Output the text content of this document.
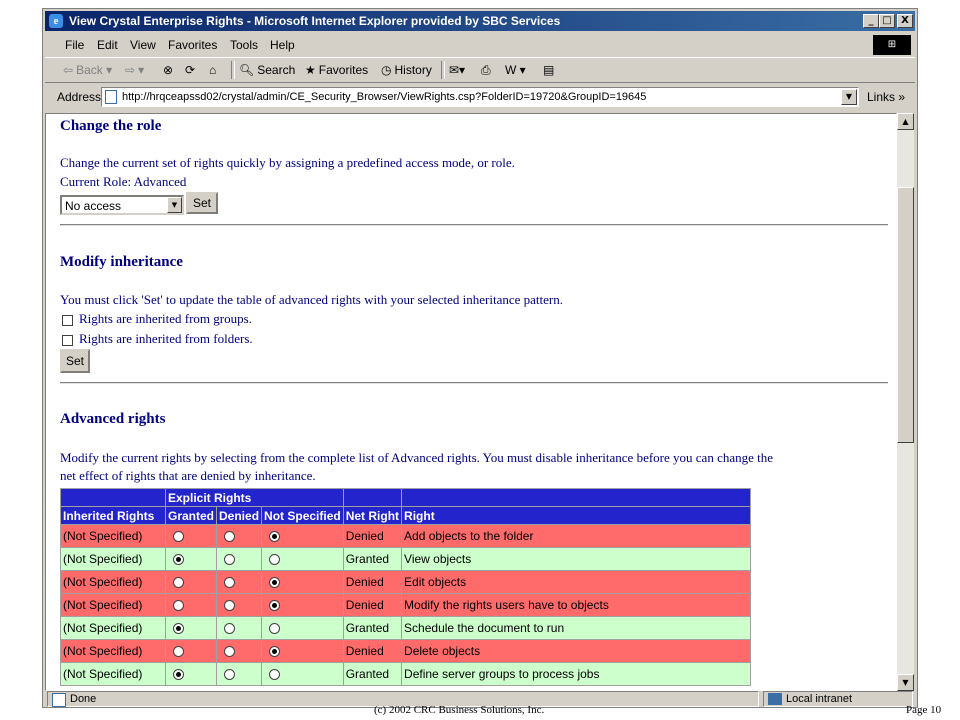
e View Crystal Enterprise Rights - Microsoft Internet Explorer provided by SBC Services	_ □ X
File Edit View Favorites Tools Help	⊞
⇦ Back ▾ ⇨ ▾ ⊗ ⟳ ⌂ 🔍︎ Search ★ Favorites ◷ History ✉▾ ⎙ W ▾ ▤
Address http://hrqceapssd02/crystal/admin/CE_Security_Browser/ViewRights.csp?FolderID=19720&GroupID=19645	▼	Links »
Change the role
Change the current set of rights quickly by assigning a predefined access mode, or role.
Current Role: Advanced
No access	▼	Set
Modify inheritance
You must click 'Set' to update the table of advanced rights with your selected inheritance pattern.
Rights are inherited from groups.
Rights are inherited from folders.
Set
Advanced rights
Modify the current rights by selecting from the complete list of Advanced rights. You must disable inheritance before you can change the
net effect of rights that are denied by inheritance.
	Explicit Rights				
Inherited Rights	Granted	Denied	Not Specified	Net Right	Right
(Not Specified)				Denied	Add objects to the folder
(Not Specified)				Granted	View objects
(Not Specified)				Denied	Edit objects
(Not Specified)				Denied	Modify the rights users have to objects
(Not Specified)				Granted	Schedule the document to run
(Not Specified)				Denied	Delete objects
(Not Specified)				Granted	Define server groups to process jobs
▲
▼
Done	Local intranet
(c) 2002 CRC Business Solutions, Inc.	Page 10
